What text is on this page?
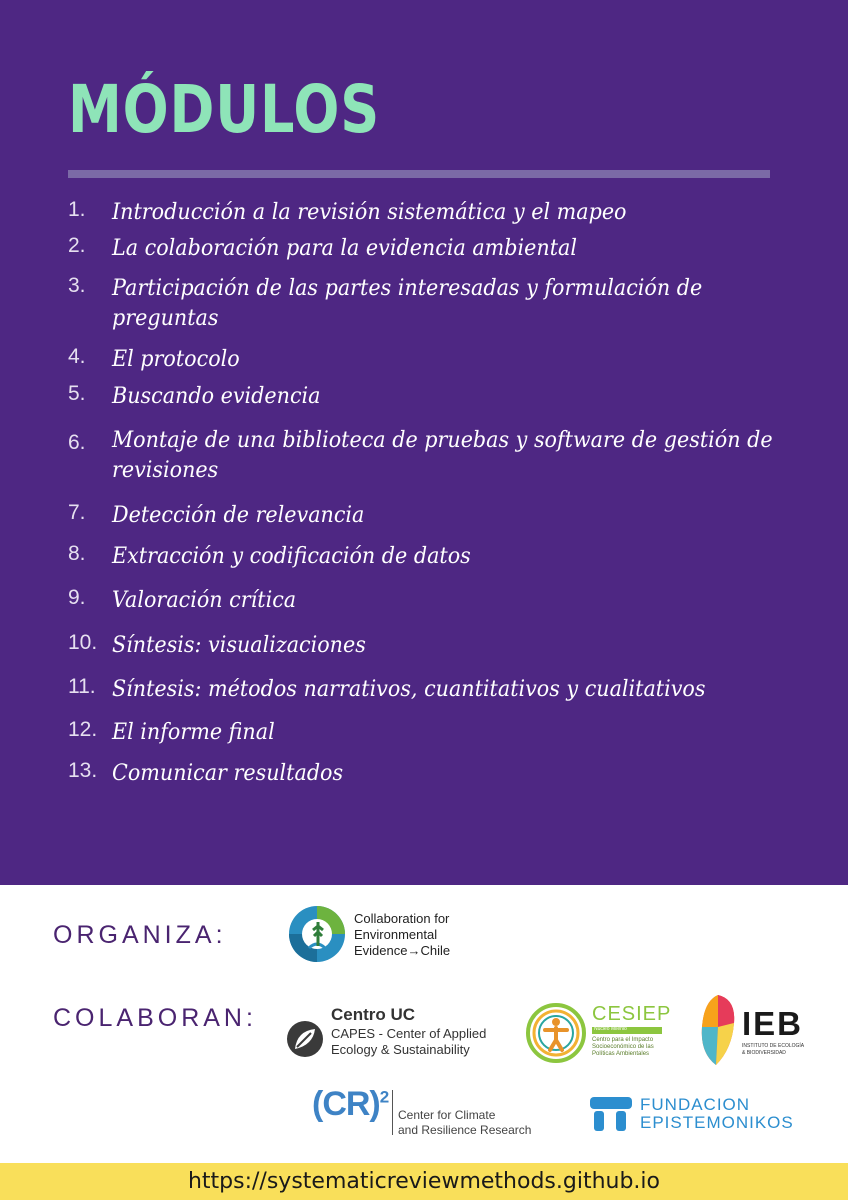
MÓDULOS
1. Introducción a la revisión sistemática y el mapeo
2. La colaboración para la evidencia ambiental
3. Participación de las partes interesadas y formulación de
preguntas
4. El protocolo
5. Buscando evidencia
6. Montaje de una biblioteca de pruebas y software de gestión de
revisiones
7. Detección de relevancia
8. Extracción y codificación de datos
9. Valoración crítica
10. Síntesis: visualizaciones
11. Síntesis: métodos narrativos, cuantitativos y cualitativos
12. El informe final
13. Comunicar resultados
ORGANIZA:
Collaboration for
Environmental
Evidence→Chile
COLABORAN:	Centro UC
CAPES - Center of Applied
Ecology & Sustainability
CESIEP
Núcleo Milenio
Centro para el Impacto
Socioeconómico de las
Políticas Ambientales
IEB
INSTITUTO DE ECOLOGÍA
& BIODIVERSIDAD
(CR)$^2$
Center for Climate
and Resilience Research
FUNDACION
EPISTEMONIKOS
https://systematicreviewmethods.github.io
